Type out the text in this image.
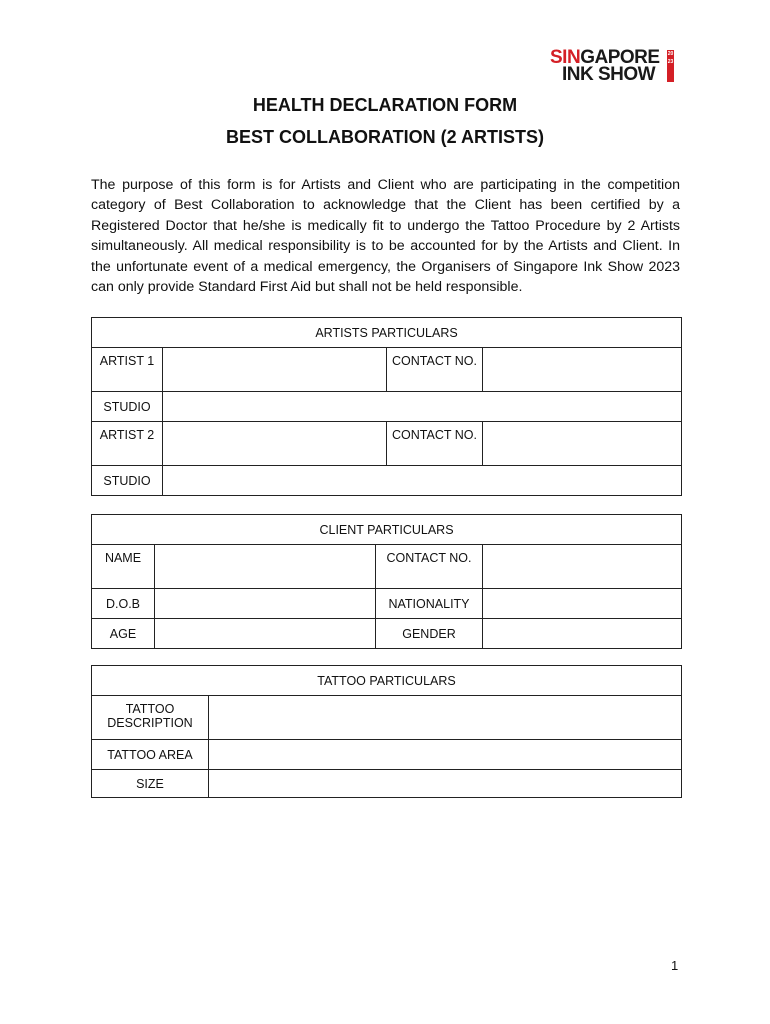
SINGAPORE
INK SHOW
2023
HEALTH DECLARATION FORM
BEST COLLABORATION (2 ARTISTS)

The purpose of this form is for Artists and Client who are participating in the competition category of Best Collaboration to acknowledge that the Client has been certified by a Registered Doctor that he/she is medically fit to undergo the Tattoo Procedure by 2 Artists simultaneously. All medical responsibility is to be accounted for by the Artists and Client. In the unfortunate event of a medical emergency, the Organisers of Singapore Ink Show 2023 can only provide Standard First Aid but shall not be held responsible.

ARTISTS PARTICULARS			
ARTIST 1		CONTACT NO.	
STUDIO			
ARTIST 2		CONTACT NO.	
STUDIO			
CLIENT PARTICULARS			
NAME		CONTACT NO.	
D.O.B		NATIONALITY	
AGE		GENDER	
TATTOO PARTICULARS	
TATTOO DESCRIPTION	
TATTOO AREA	
SIZE	
1
